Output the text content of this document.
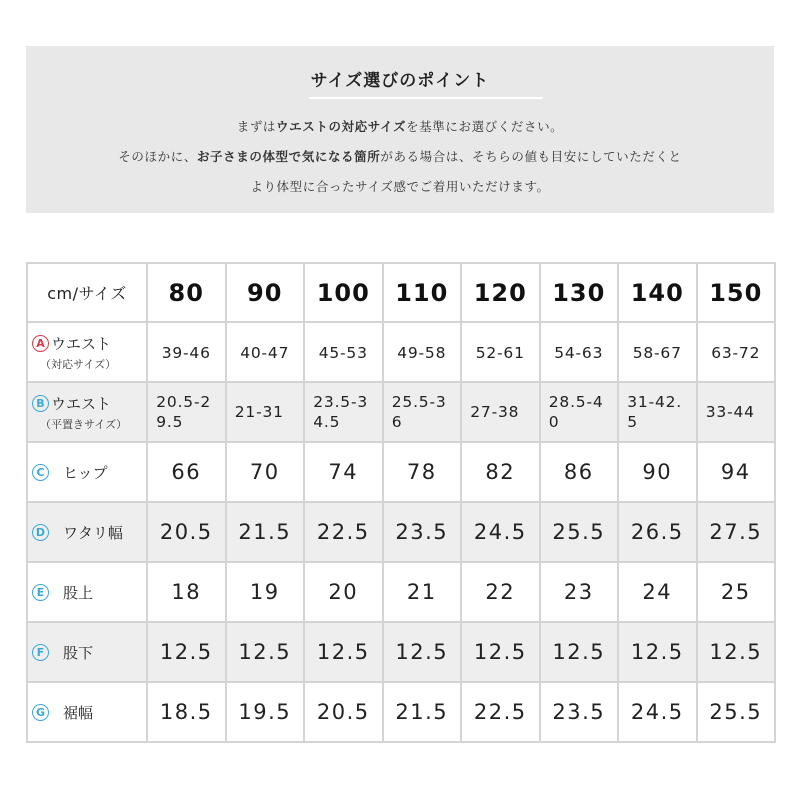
サイズ選びのポイント
まずはウエストの対応サイズを基準にお選びください。
そのほかに、お子さまの体型で気になる箇所がある場合は、そちらの値も目安にしていただくと
より体型に合ったサイズ感でご着用いただけます。
cm/サイズ	80	90	100	110	120	130	140	150

A ウエスト
（対応サイズ）	39-46	40-47	45-53	49-58	52-61	54-63	58-67	63-72

B ウエスト
（平置きサイズ）	20.5-29.5	21-31	23.5-34.5	25.5-36	27-38	28.5-40	31-42.5	33-44

C ヒップ	66	70	74	78	82	86	90	94

D ワタリ幅	20.5	21.5	22.5	23.5	24.5	25.5	26.5	27.5

E 股上	18	19	20	21	22	23	24	25

F 股下	12.5	12.5	12.5	12.5	12.5	12.5	12.5	12.5

G 裾幅	18.5	19.5	20.5	21.5	22.5	23.5	24.5	25.5
